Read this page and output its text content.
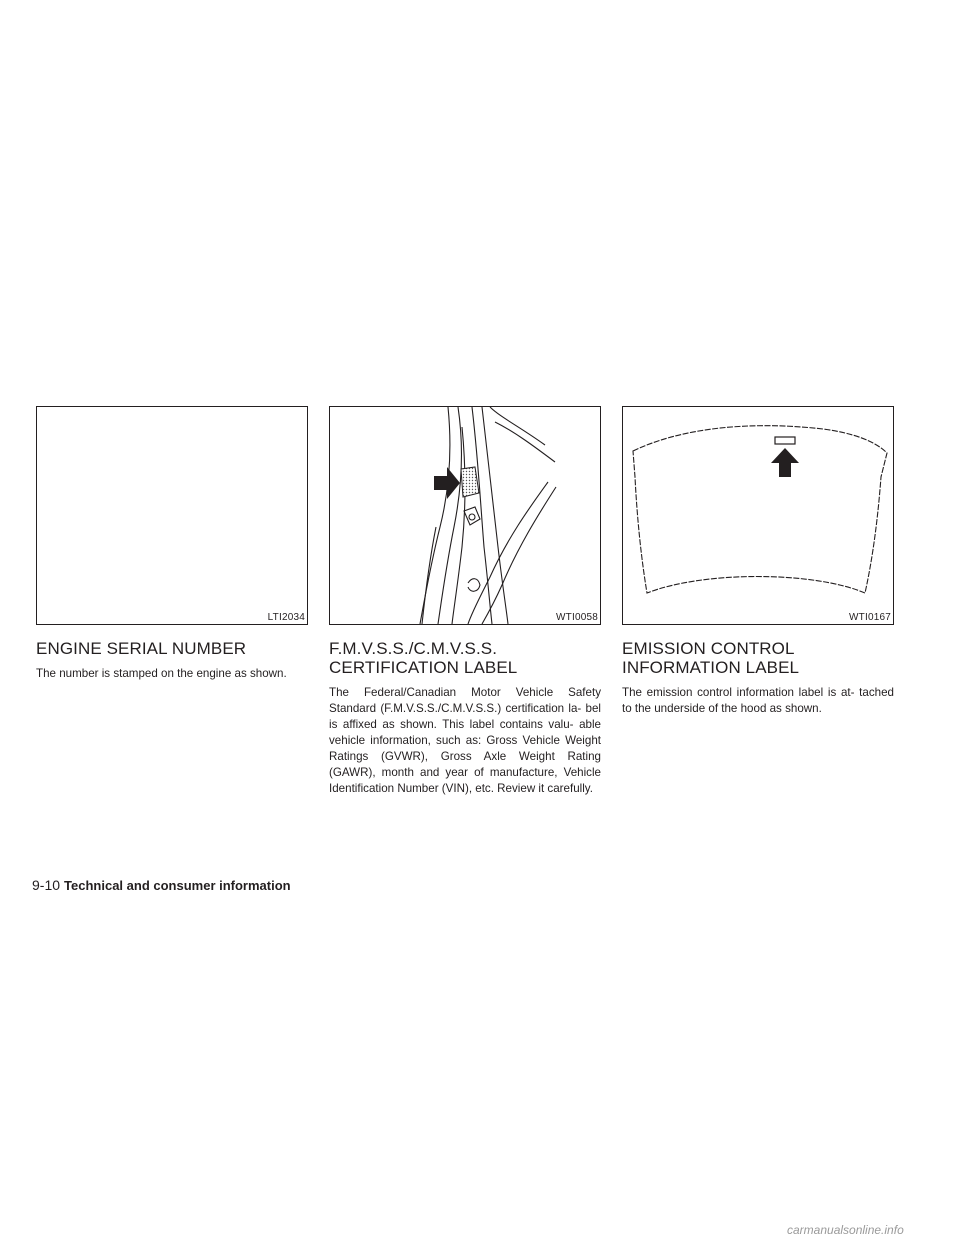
LTI2034
ENGINE SERIAL NUMBER

The number is stamped on the engine as shown.

WTI0058
F.M.V.S.S./C.M.V.S.S.
CERTIFICATION LABEL

The Federal/Canadian Motor Vehicle Safety Standard (F.M.V.S.S./C.M.V.S.S.) certification la- bel is affixed as shown. This label contains valu- able vehicle information, such as: Gross Vehicle Weight Ratings (GVWR), Gross Axle Weight Rating (GAWR), month and year of manufacture, Vehicle Identification Number (VIN), etc. Review it carefully.

WTI0167
EMISSION CONTROL
INFORMATION LABEL

The emission control information label is at- tached to the underside of the hood as shown.

9-10 Technical and consumer information
carmanualsonline.info
